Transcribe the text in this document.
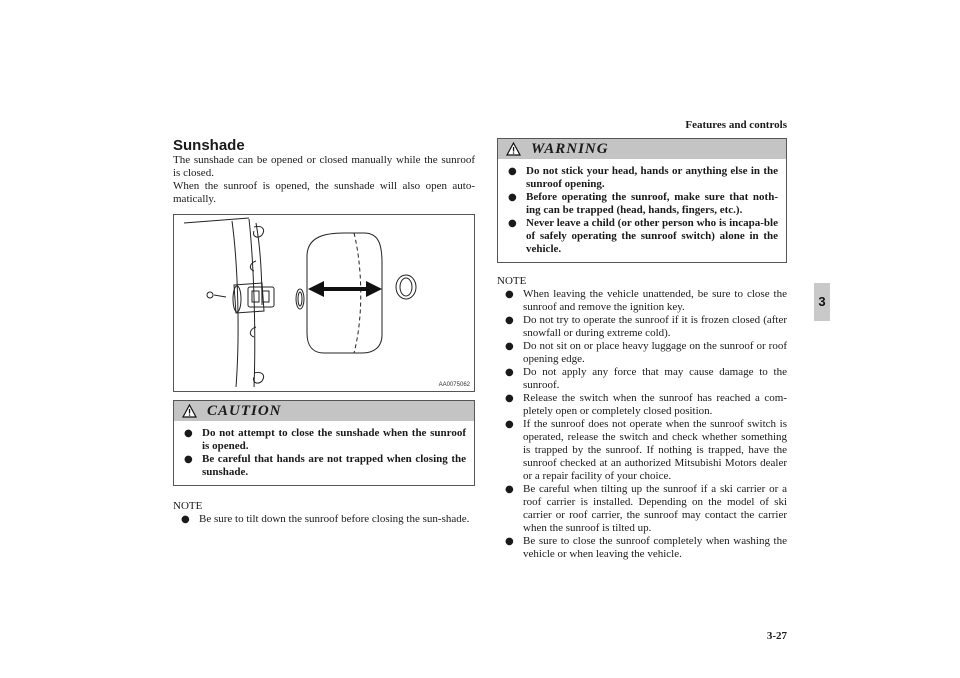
Features and controls
3
3-27
Sunshade

The sunshade can be opened or closed manually while the sunroof is closed.

When the sunroof is opened, the sunshade will also open auto-matically.

AA0075062
CAUTION
● Do not attempt to close the sunshade when the sunroof is opened.
● Be careful that hands are not trapped when closing the sunshade.
NOTE
● Be sure to tilt down the sunroof before closing the sun-shade.
WARNING
● Do not stick your head, hands or anything else in the sunroof opening.
● Before operating the sunroof, make sure that noth-ing can be trapped (head, hands, fingers, etc.).
● Never leave a child (or other person who is incapa-ble of safely operating the sunroof switch) alone in the vehicle.
NOTE
● When leaving the vehicle unattended, be sure to close the sunroof and remove the ignition key.
● Do not try to operate the sunroof if it is frozen closed (after snowfall or during extreme cold).
● Do not sit on or place heavy luggage on the sunroof or roof opening edge.
● Do not apply any force that may cause damage to the sunroof.
● Release the switch when the sunroof has reached a com-pletely open or completely closed position.
● If the sunroof does not operate when the sunroof switch is operated, release the switch and check whether something is trapped by the sunroof. If nothing is trapped, have the sunroof checked at an authorized Mitsubishi Motors dealer or a repair facility of your choice.
● Be careful when tilting up the sunroof if a ski carrier or a roof carrier is installed. Depending on the model of ski carrier or roof carrier, the sunroof may contact the carrier when the sunroof is tilted up.
● Be sure to close the sunroof completely when washing the vehicle or when leaving the vehicle.
